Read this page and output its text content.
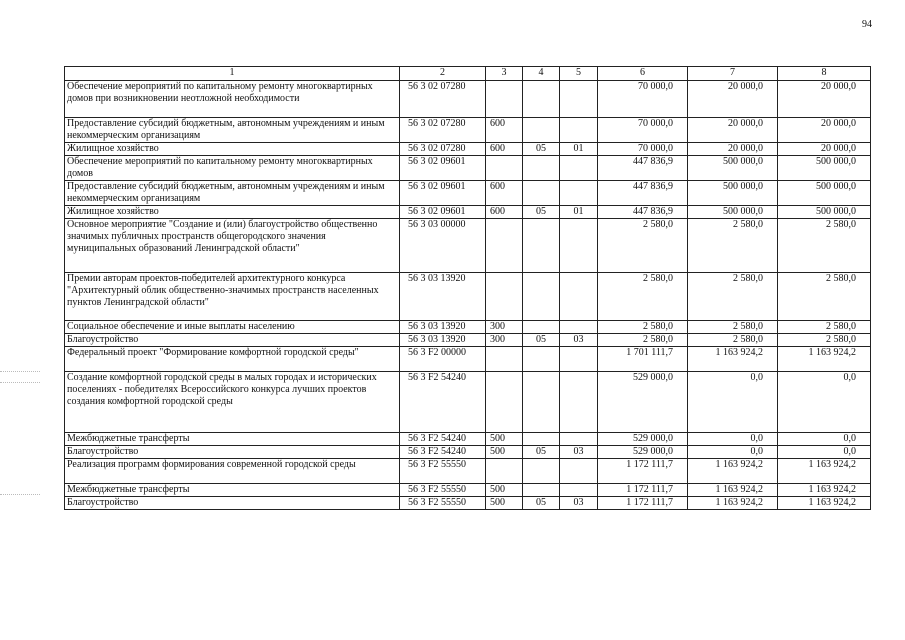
94
1	2	3	4	5	6	7	8
Обеспечение мероприятий по капитальному ремонту многоквартирных домов при возникновении неотложной необходимости	56 3 02 07280				70 000,0	20 000,0	20 000,0
Предоставление субсидий бюджетным, автономным учреждениям и иным некоммерческим организациям	56 3 02 07280	600			70 000,0	20 000,0	20 000,0
Жилищное хозяйство	56 3 02 07280	600	05	01	70 000,0	20 000,0	20 000,0
Обеспечение мероприятий по капитальному ремонту многоквартирных домов	56 3 02 09601				447 836,9	500 000,0	500 000,0
Предоставление субсидий бюджетным, автономным учреждениям и иным некоммерческим организациям	56 3 02 09601	600			447 836,9	500 000,0	500 000,0
Жилищное хозяйство	56 3 02 09601	600	05	01	447 836,9	500 000,0	500 000,0
Основное мероприятие "Создание и (или) благоустройство общественно значимых публичных пространств общегородского значения муниципальных образований Ленинградской области"	56 3 03 00000				2 580,0	2 580,0	2 580,0
Премии авторам проектов-победителей архитектурного конкурса "Архитектурный облик общественно-значимых пространств населенных пунктов Ленинградской области"	56 3 03 13920				2 580,0	2 580,0	2 580,0
Социальное обеспечение и иные выплаты населению	56 3 03 13920	300			2 580,0	2 580,0	2 580,0
Благоустройство	56 3 03 13920	300	05	03	2 580,0	2 580,0	2 580,0
Федеральный проект "Формирование комфортной городской среды"	56 3 F2 00000				1 701 111,7	1 163 924,2	1 163 924,2
Создание комфортной городской среды в малых городах и исторических поселениях - победителях Всероссийского конкурса лучших проектов создания комфортной городской среды	56 3 F2 54240				529 000,0	0,0	0,0
Межбюджетные трансферты	56 3 F2 54240	500			529 000,0	0,0	0,0
Благоустройство	56 3 F2 54240	500	05	03	529 000,0	0,0	0,0
Реализация программ формирования современной городской среды	56 3 F2 55550				1 172 111,7	1 163 924,2	1 163 924,2
Межбюджетные трансферты	56 3 F2 55550	500			1 172 111,7	1 163 924,2	1 163 924,2
Благоустройство	56 3 F2 55550	500	05	03	1 172 111,7	1 163 924,2	1 163 924,2
